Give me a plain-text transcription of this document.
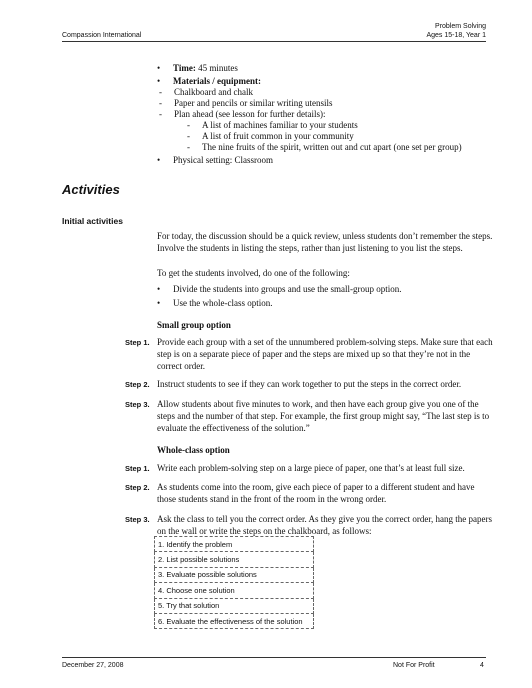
Compassion International
Problem Solving
Ages 15-18, Year 1
• Time: 45 minutes
• Materials / equipment:
- Chalkboard and chalk
- Paper and pencils or similar writing utensils
- Plan ahead (see lesson for further details):
- A list of machines familiar to your students
- A list of fruit common in your community
- The nine fruits of the spirit, written out and cut apart (one set per group)
• Physical setting: Classroom
Activities
Initial activities
For today, the discussion should be a quick review, unless students don’t remember the steps. Involve the students in listing the steps, rather than just listening to you list the steps.
To get the students involved, do one of the following:
• Divide the students into groups and use the small-group option.
• Use the whole-class option.
Small group option
Step 1. Provide each group with a set of the unnumbered problem-solving steps. Make sure that each step is on a separate piece of paper and the steps are mixed up so that they’re not in the correct order.
Step 2. Instruct students to see if they can work together to put the steps in the correct order.
Step 3. Allow students about five minutes to work, and then have each group give you one of the steps and the number of that step. For example, the first group might say, “The last step is to evaluate the effectiveness of the solution.”
Whole-class option
Step 1. Write each problem-solving step on a large piece of paper, one that’s at least full size.
Step 2. As students come into the room, give each piece of paper to a different student and have those students stand in the front of the room in the wrong order.
Step 3. Ask the class to tell you the correct order. As they give you the correct order, hang the papers on the wall or write the steps on the chalkboard, as follows:
1. Identify the problem
2. List possible solutions
3. Evaluate possible solutions
4. Choose one solution
5. Try that solution
6. Evaluate the effectiveness of the solution
December 27, 2008	Not For Profit	4
